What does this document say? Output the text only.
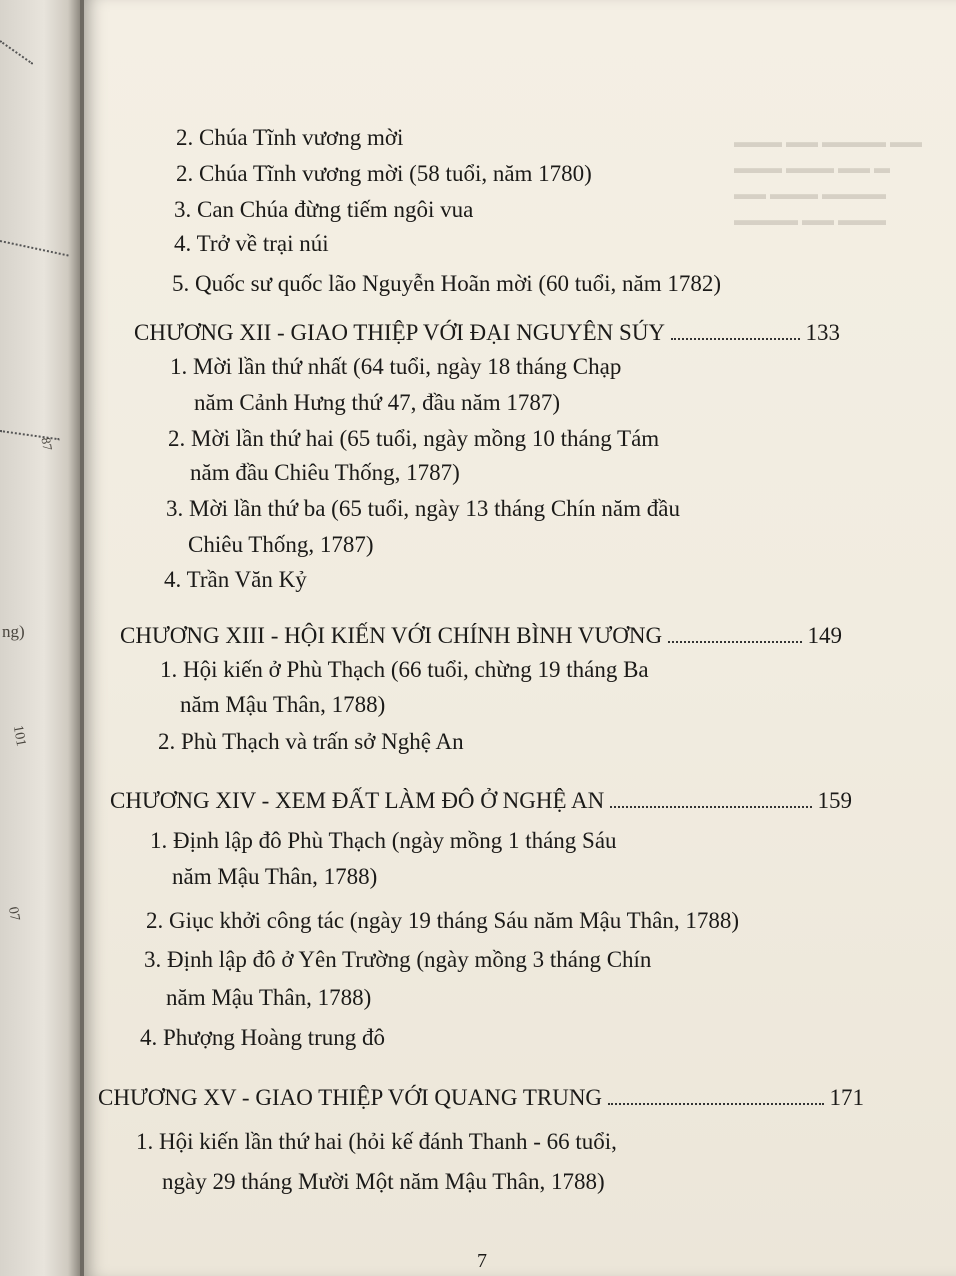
87
ng)
101
07
▬▬▬ ▬▬ ▬▬▬▬ ▬▬
▬▬▬ ▬▬▬ ▬▬ ▬
▬▬ ▬▬▬ ▬▬▬▬
▬▬▬▬ ▬▬ ▬▬▬
2. Chúa Tĩnh vương mời
2. Chúa Tĩnh vương mời (58 tuổi, năm 1780)
3. Can Chúa đừng tiếm ngôi vua
4. Trở về trại núi
5. Quốc sư quốc lão Nguyễn Hoãn mời (60 tuổi, năm 1782)
CHƯƠNG XII - GIAO THIỆP VỚI ĐẠI NGUYÊN SÚY	133
1. Mời lần thứ nhất (64 tuổi, ngày 18 tháng Chạp
năm Cảnh Hưng thứ 47, đầu năm 1787)
2. Mời lần thứ hai (65 tuổi, ngày mồng 10 tháng Tám
năm đầu Chiêu Thống, 1787)
3. Mời lần thứ ba (65 tuổi, ngày 13 tháng Chín năm đầu
Chiêu Thống, 1787)
4. Trần Văn Kỷ
CHƯƠNG XIII - HỘI KIẾN VỚI CHÍNH BÌNH VƯƠNG	149
1. Hội kiến ở Phù Thạch (66 tuổi, chừng 19 tháng Ba
năm Mậu Thân, 1788)
2. Phù Thạch và trấn sở Nghệ An
CHƯƠNG XIV - XEM ĐẤT LÀM ĐÔ Ở NGHỆ AN	159
1. Định lập đô Phù Thạch (ngày mồng 1 tháng Sáu
năm Mậu Thân, 1788)
2. Giục khởi công tác (ngày 19 tháng Sáu năm Mậu Thân, 1788)
3. Định lập đô ở Yên Trường (ngày mồng 3 tháng Chín
năm Mậu Thân, 1788)
4. Phượng Hoàng trung đô
CHƯƠNG XV - GIAO THIỆP VỚI QUANG TRUNG	171
1. Hội kiến lần thứ hai (hỏi kế đánh Thanh - 66 tuổi,
ngày 29 tháng Mười Một năm Mậu Thân, 1788)
7
